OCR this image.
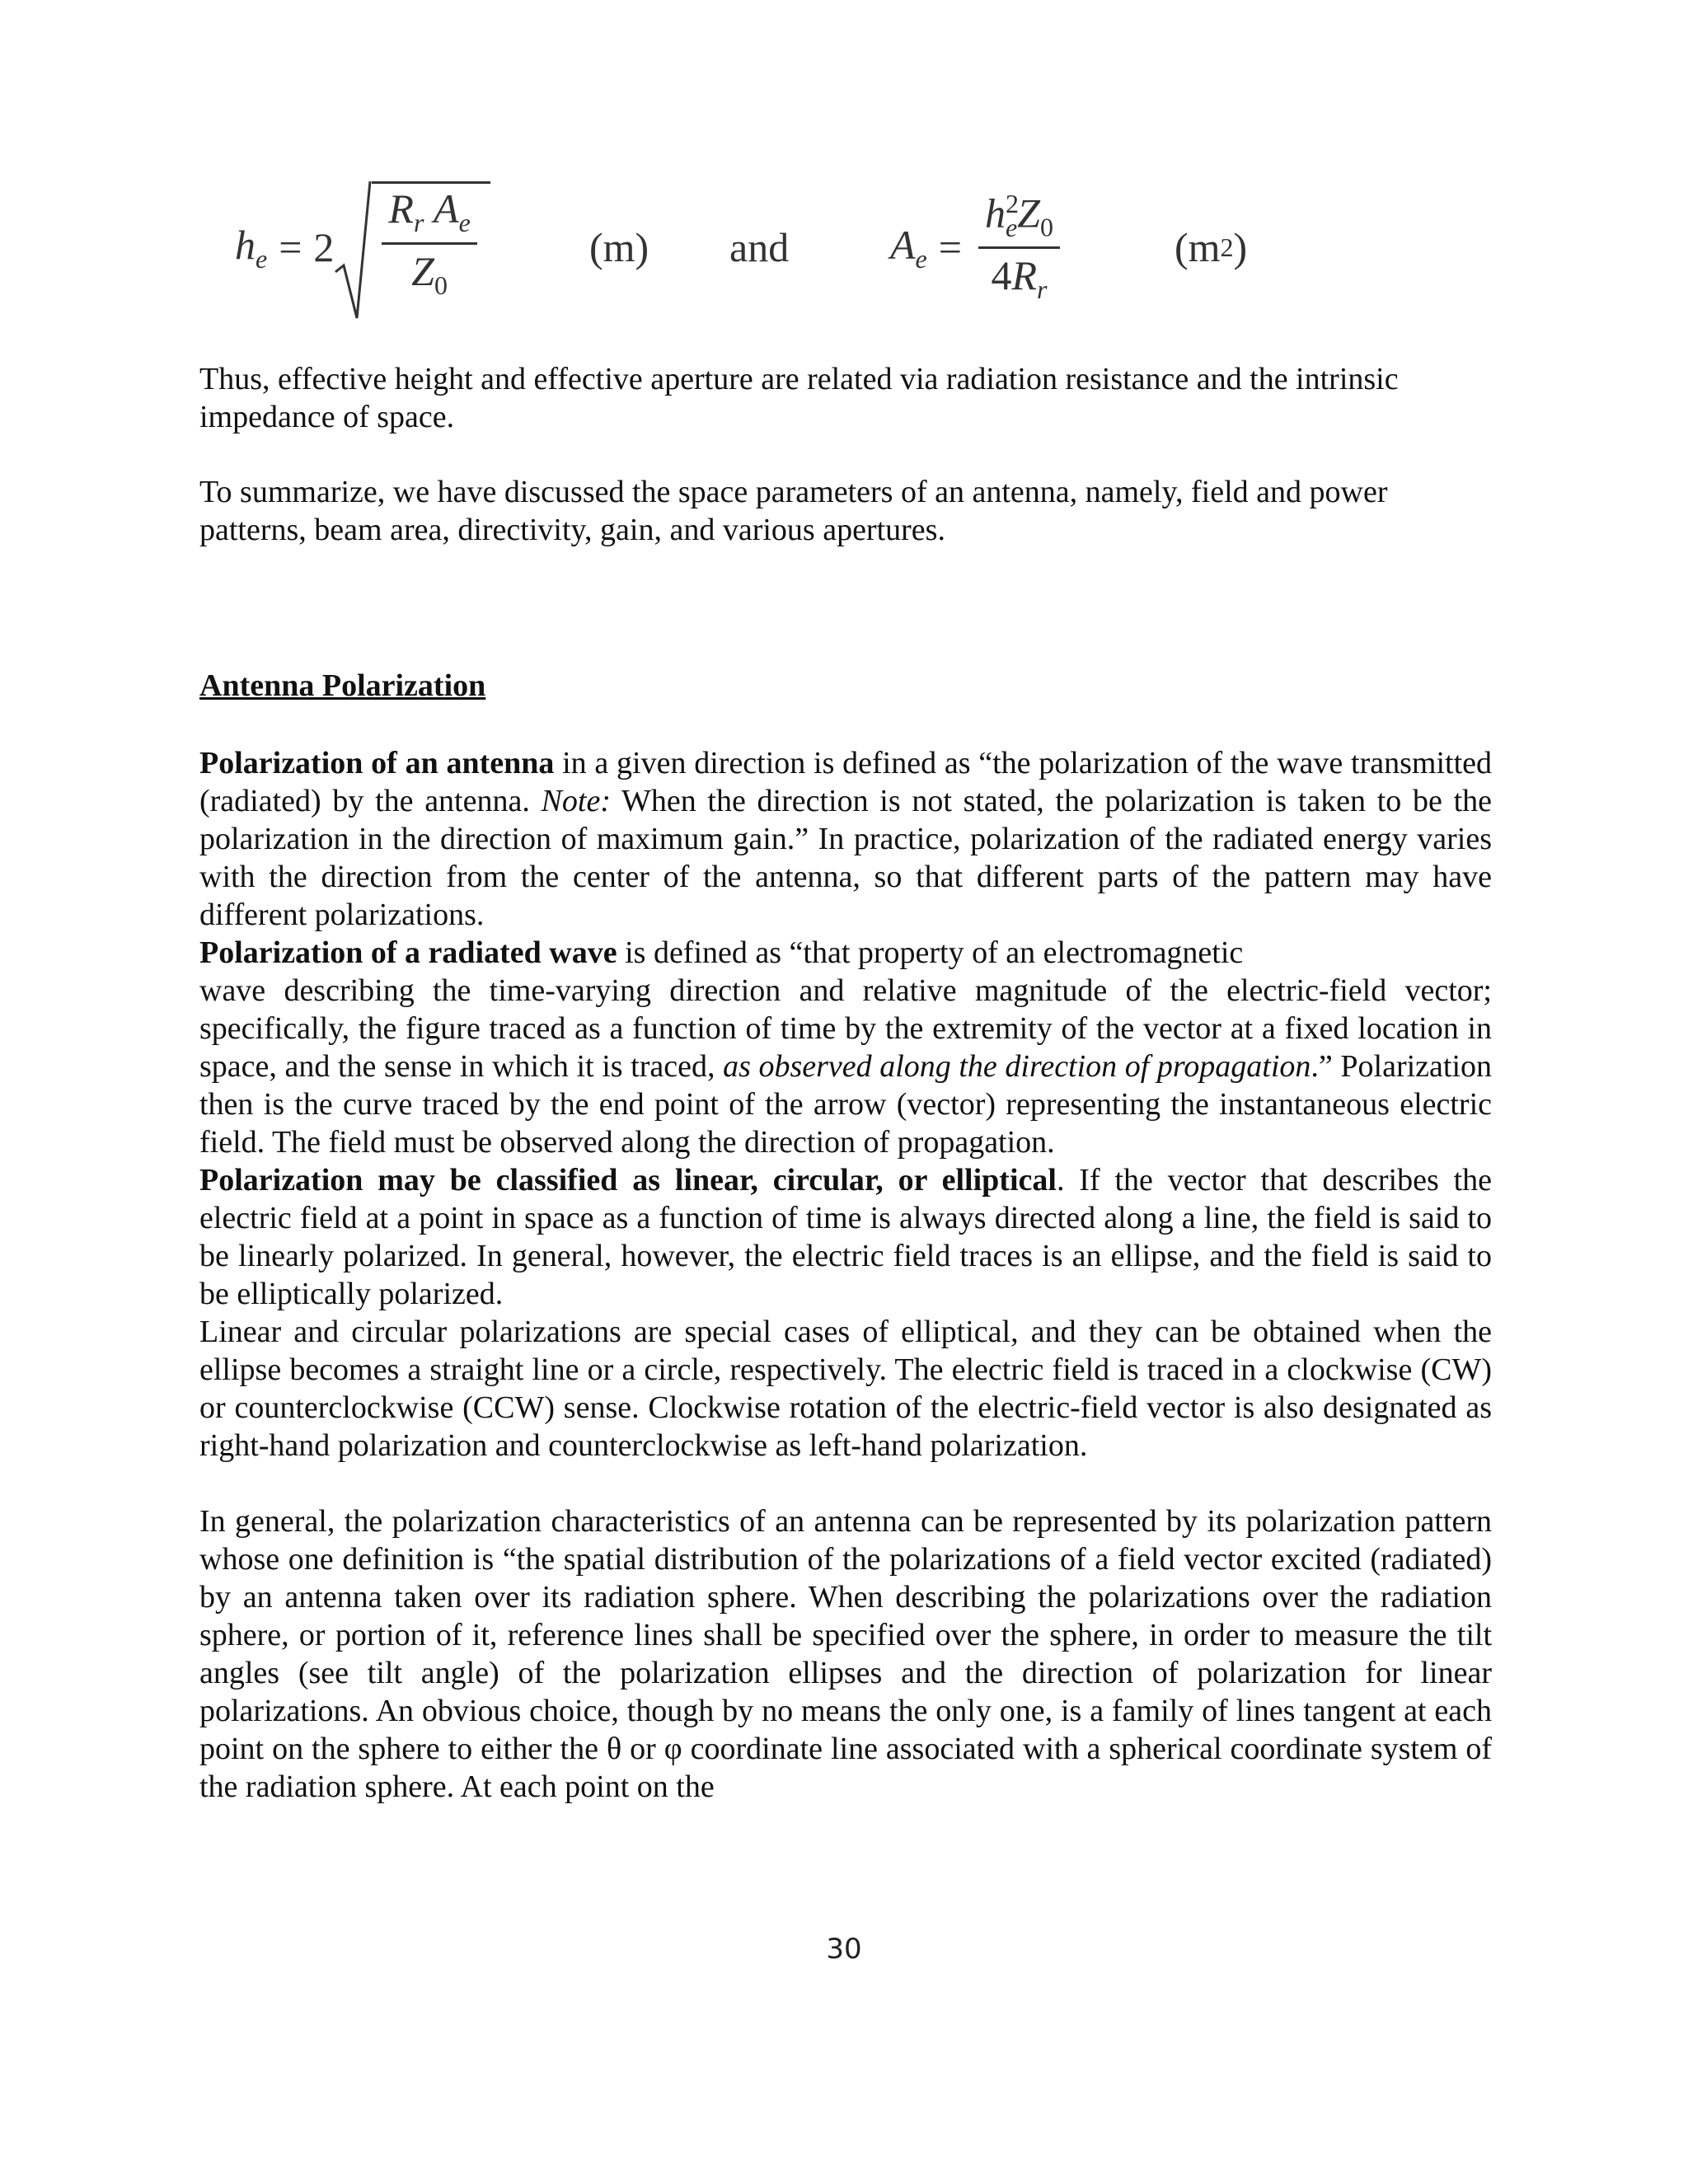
$h_e = 2 \frac{R_r A_e}{Z_0}$	(m) and $A_e = \frac{h^2_eZ_0}{4R_r}$	(m 2 )

Thus, effective height and effective aperture are related via radiation resistance and the intrinsic impedance of space.

To summarize, we have discussed the space parameters of an antenna, namely, field and power patterns, beam area, directivity, gain, and various apertures.

Antenna Polarization

Polarization of an antenna in a given direction is defined as “the polarization of the wave transmitted (radiated) by the antenna. Note: When the direction is not stated, the polarization is taken to be the polarization in the direction of maximum gain.” In practice, polarization of the radiated energy varies with the direction from the center of the antenna, so that different parts of the pattern may have different polarizations.

Polarization of a radiated wave is defined as “that property of an electromagnetic

wave describing the time-varying direction and relative magnitude of the electric-field vector; specifically, the figure traced as a function of time by the extremity of the vector at a fixed location in space, and the sense in which it is traced, as observed along the direction of propagation.” Polarization then is the curve traced by the end point of the arrow (vector) representing the instantaneous electric field. The field must be observed along the direction of propagation.

Polarization may be classified as linear, circular, or elliptical. If the vector that describes the electric field at a point in space as a function of time is always directed along a line, the field is said to be linearly polarized. In general, however, the electric field traces is an ellipse, and the field is said to be elliptically polarized.

Linear and circular polarizations are special cases of elliptical, and they can be obtained when the ellipse becomes a straight line or a circle, respectively. The electric field is traced in a clockwise (CW) or counterclockwise (CCW) sense. Clockwise rotation of the electric-field vector is also designated as right-hand polarization and counterclockwise as left-hand polarization.

In general, the polarization characteristics of an antenna can be represented by its polarization pattern whose one definition is “the spatial distribution of the polarizations of a field vector excited (radiated) by an antenna taken over its radiation sphere. When describing the polarizations over the radiation sphere, or portion of it, reference lines shall be specified over the sphere, in order to measure the tilt angles (see tilt angle) of the polarization ellipses and the direction of polarization for linear polarizations. An obvious choice, though by no means the only one, is a family of lines tangent at each point on the sphere to either the θ or φ coordinate line associated with a spherical coordinate system of the radiation sphere. At each point on the

30
